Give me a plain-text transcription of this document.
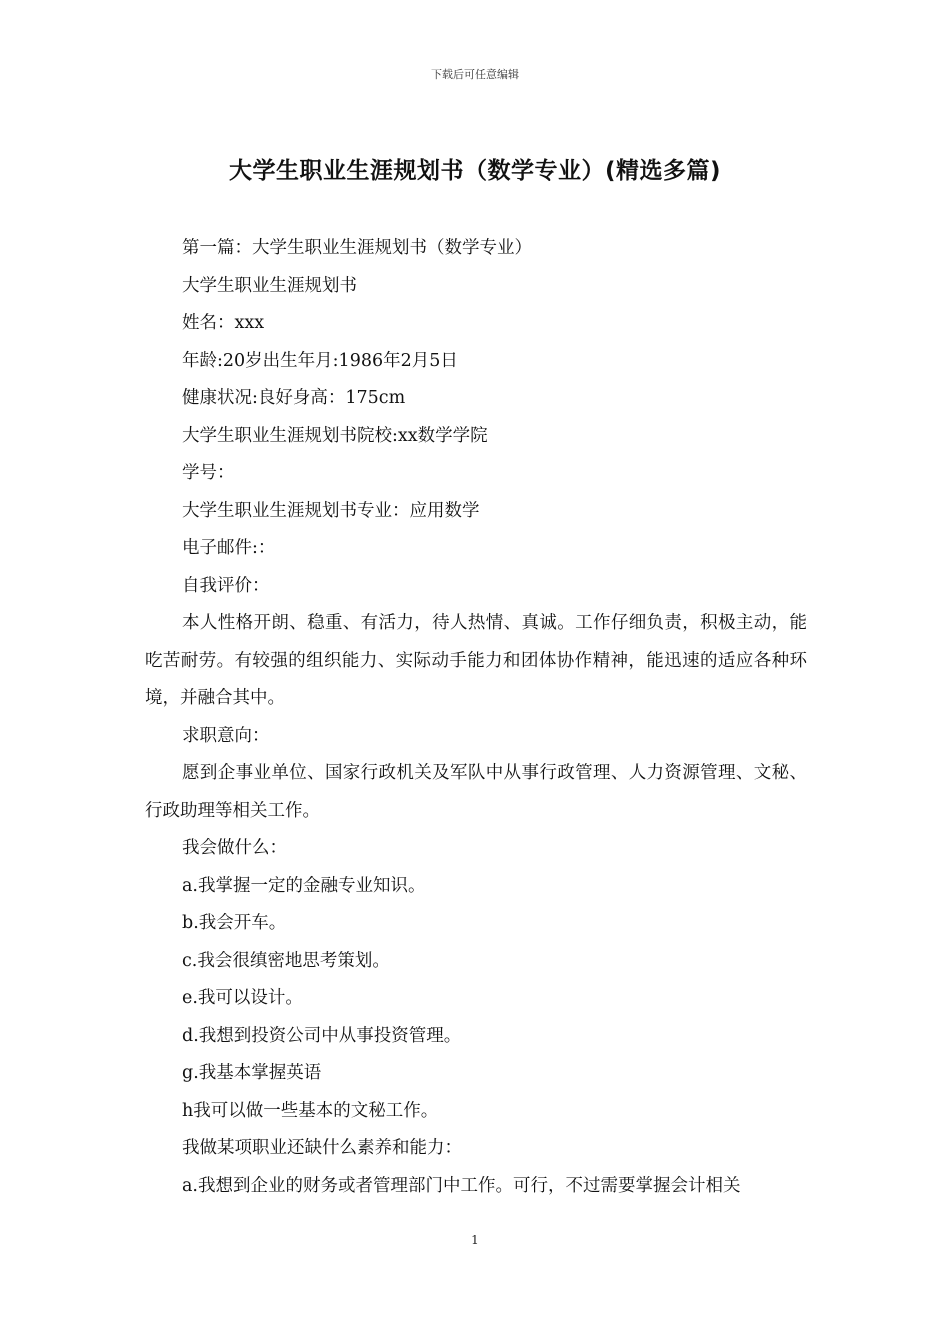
下载后可任意编辑
大学生职业生涯规划书（数学专业）(精选多篇)

第一篇：大学生职业生涯规划书（数学专业）

大学生职业生涯规划书

姓名：xxx

年龄:20岁出生年月:1986年2月5日

健康状况:良好身高：175cm

大学生职业生涯规划书院校:xx数学学院

学号：

大学生职业生涯规划书专业：应用数学

电子邮件:：

自我评价：

本人性格开朗、稳重、有活力，待人热情、真诚。工作仔细负责，积极主动，能吃苦耐劳。有较强的组织能力、实际动手能力和团体协作精神，能迅速的适应各种环境，并融合其中。

求职意向：

愿到企事业单位、国家行政机关及军队中从事行政管理、人力资源管理、文秘、行政助理等相关工作。

我会做什么：

a.我掌握一定的金融专业知识。

b.我会开车。

c.我会很缜密地思考策划。

e.我可以设计。

d.我想到投资公司中从事投资管理。

g.我基本掌握英语

h我可以做一些基本的文秘工作。

我做某项职业还缺什么素养和能力：

a.我想到企业的财务或者管理部门中工作。可行，不过需要掌握会计相关

1
